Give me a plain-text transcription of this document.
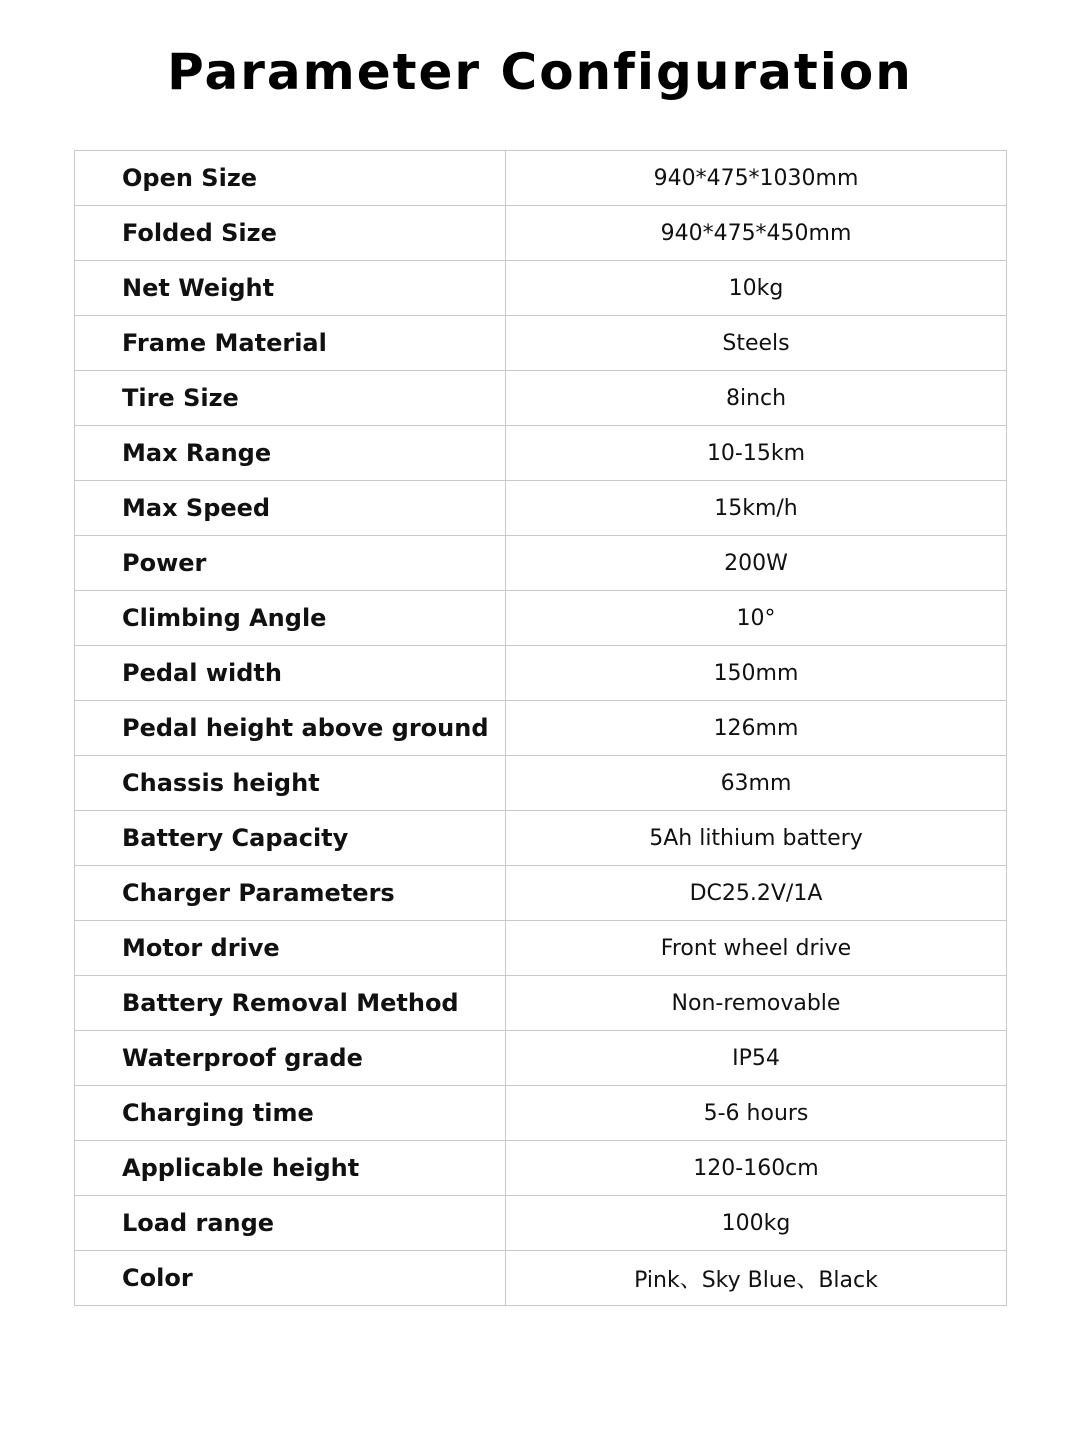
Parameter Configuration
Open Size	940*475*1030mm
Folded Size	940*475*450mm
Net Weight	10kg
Frame Material	Steels
Tire Size	8inch
Max Range	10-15km
Max Speed	15km/h
Power	200W
Climbing Angle	10°
Pedal width	150mm
Pedal height above ground	126mm
Chassis height	63mm
Battery Capacity	5Ah lithium battery
Charger Parameters	DC25.2V/1A
Motor drive	Front wheel drive
Battery Removal Method	Non-removable
Waterproof grade	IP54
Charging time	5-6 hours
Applicable height	120-160cm
Load range	100kg
Color	Pink、Sky Blue、Black
